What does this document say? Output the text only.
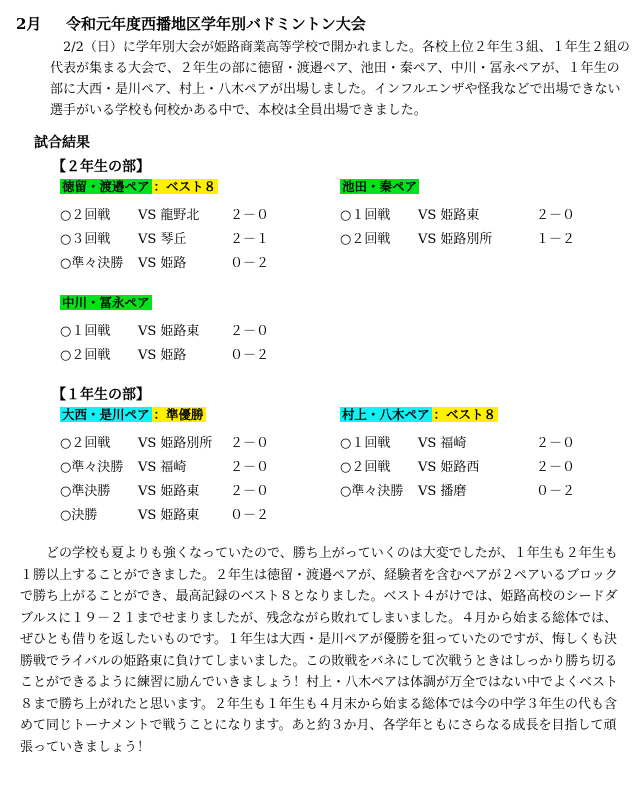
2月 令和元年度西播地区学年別バドミントン大会
2/2（日）に学年別大会が姫路商業高等学校で開かれました。各校上位２年生３組、１年生２組の代表が集まる大会で、２年生の部に徳留・渡邉ペア、池田・秦ペア、中川・冨永ペアが、１年生の部に大西・是川ペア、村上・八木ペアが出場しました。インフルエンザや怪我などで出場できない選手がいる学校も何校かある中で、本校は全員出場できました。
試合結果
【２年生の部】
徳留・渡邉ペア ：ベスト８
○２回戦 VS 龍野北 ２－０
○３回戦 VS 琴丘	２－１
○準々決勝 VS 姫路	０－２
池田・秦ペア
○１回戦 VS 姫路東	２－０
○２回戦 VS 姫路別所	１－２
中川・冨永ペア
○１回戦 VS 姫路東 ２－０
○２回戦 VS 姫路	０－２
【１年生の部】
大西・是川ペア ：準優勝
○２回戦 VS 姫路別所 ２－０
○準々決勝 VS 福崎	２－０
○準決勝 VS 姫路東 ２－０
○決勝	VS 姫路東 ０－２
村上・八木ペア ：ベスト８
○１回戦 VS 福崎	２－０
○２回戦 VS 姫路西	２－０
○準々決勝 VS 播磨	０－２
どの学校も夏よりも強くなっていたので、勝ち上がっていくのは大変でしたが、１年生も２年生も１勝以上することができました。２年生は徳留・渡邉ペアが、経験者を含むペアが２ペアいるブロックで勝ち上がることができ、最高記録のベスト８となりました。ベスト４がけでは、姫路高校のシードダブルスに１９－２１までせまりましたが、残念ながら敗れてしまいました。４月から始まる総体では、ぜひとも借りを返したいものです。１年生は大西・是川ペアが優勝を狙っていたのですが、悔しくも決勝戦でライバルの姫路東に負けてしまいました。この敗戦をバネにして次戦うときはしっかり勝ち切ることができるように練習に励んでいきましょう！村上・八木ペアは体調が万全ではない中でよくベスト８まで勝ち上がれたと思います。２年生も１年生も４月末から始まる総体では今の中学３年生の代も含めて同じトーナメントで戦うことになります。あと約３か月、各学年ともにさらなる成長を目指して頑張っていきましょう！
